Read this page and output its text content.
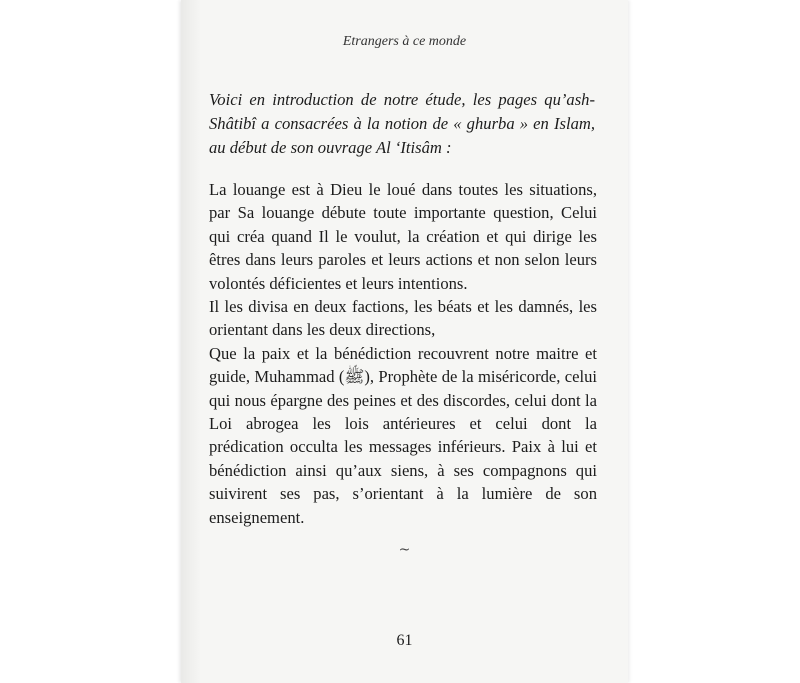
Etrangers à ce monde
Voici en introduction de notre étude, les pages qu’ash-Shâtibî a consacrées à la notion de « ghurba » en Islam, au début de son ouvrage Al ‘Itisâm :

La louange est à Dieu le loué dans toutes les situations, par Sa louange débute toute importante question, Celui qui créa quand Il le voulut, la création et qui dirige les êtres dans leurs paroles et leurs actions et non selon leurs volontés déficientes et leurs intentions.

Il les divisa en deux factions, les béats et les damnés, les orientant dans les deux directions,

Que la paix et la bénédiction recouvrent notre maitre et guide, Muhammad (ﷺ), Prophète de la miséricorde, celui qui nous épargne des peines et des discordes, celui dont la Loi abrogea les lois antérieures et celui dont la prédication occulta les messages inférieurs. Paix à lui et bénédiction ainsi qu’aux siens, à ses compagnons qui suivirent ses pas, s’orientant à la lumière de son enseignement.

~
61
